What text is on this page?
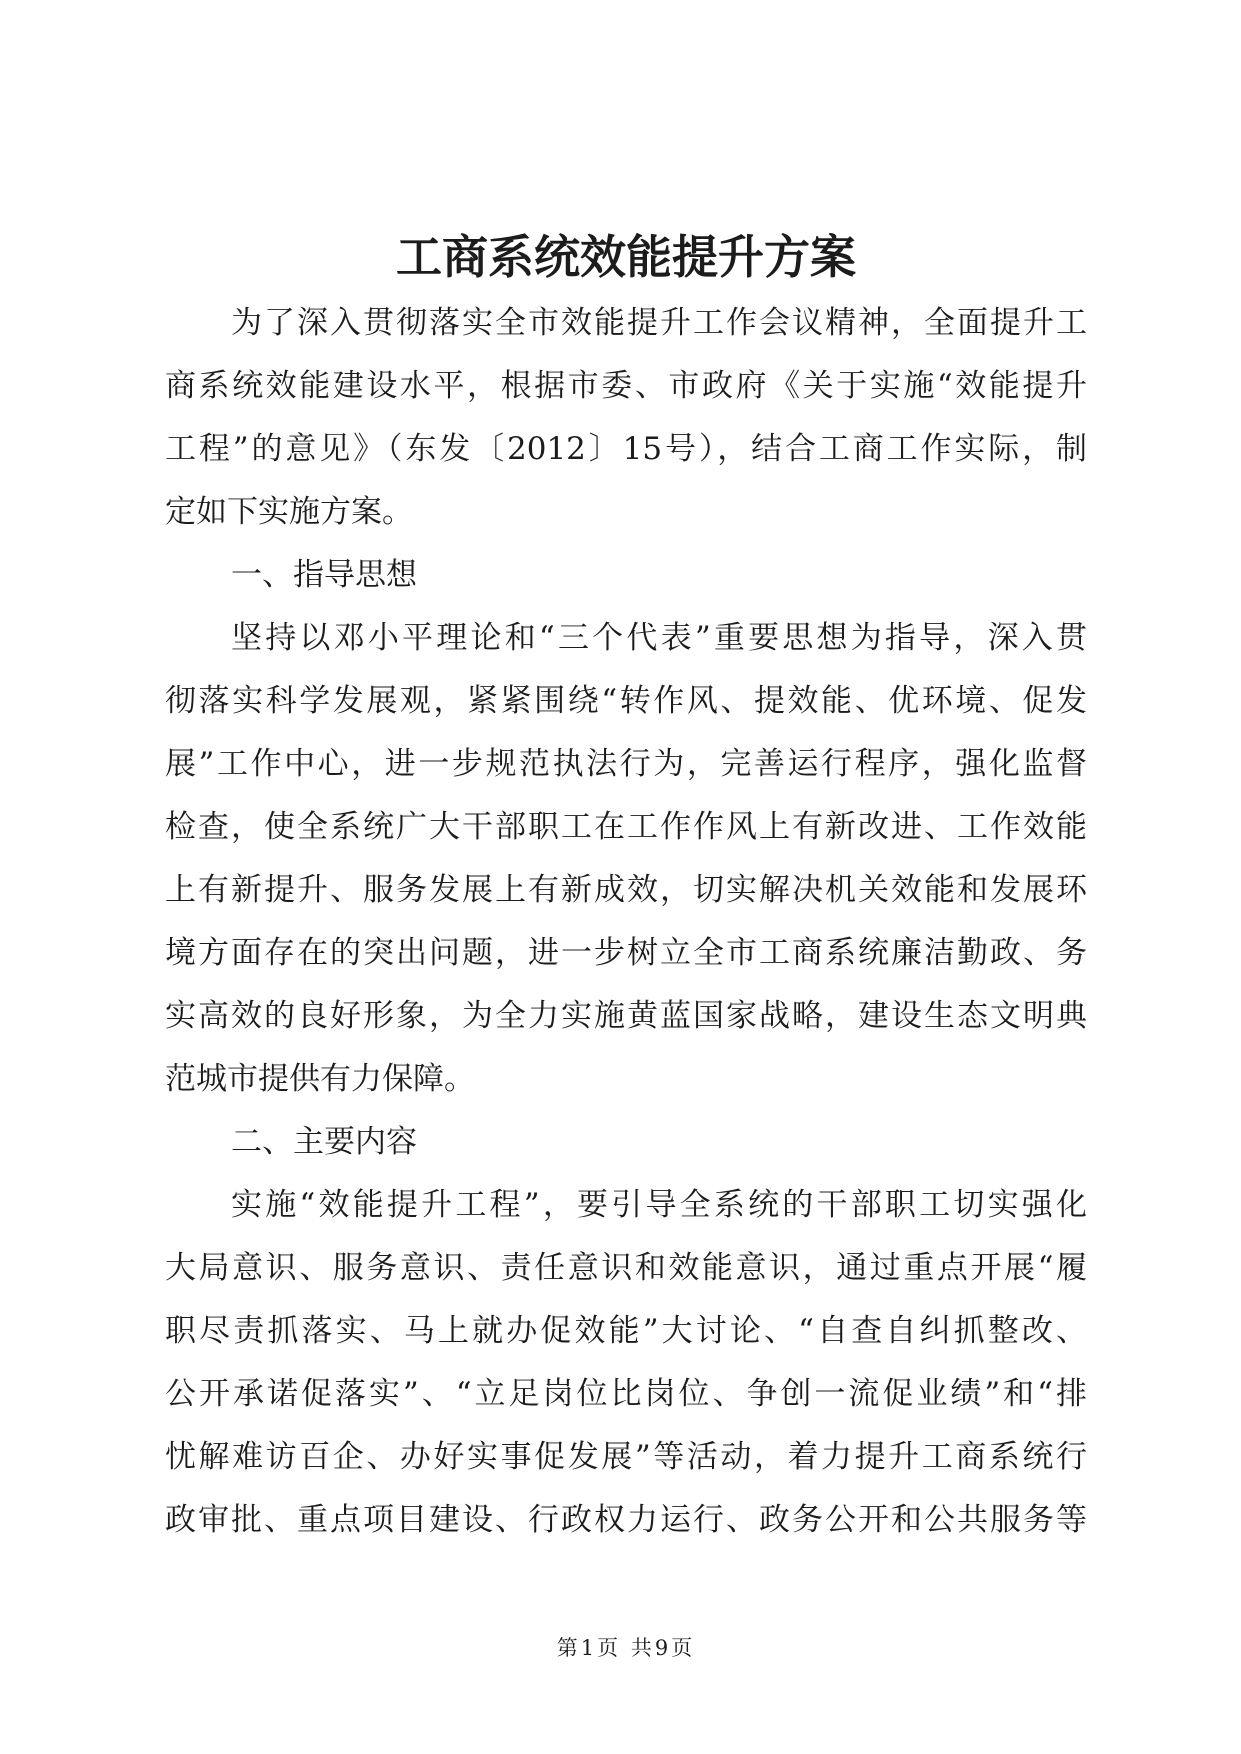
工商系统效能提升方案
为了深入贯彻落实全市效能提升工作会议精神，全面提升工
商系统效能建设水平，根据市委、市政府《关于实施“效能提升
工程”的意见》（东发〔2012〕15号），结合工商工作实际，制
定如下实施方案。
一、指导思想
坚持以邓小平理论和“三个代表”重要思想为指导，深入贯
彻落实科学发展观，紧紧围绕“转作风、提效能、优环境、促发
展”工作中心，进一步规范执法行为，完善运行程序，强化监督
检查，使全系统广大干部职工在工作作风上有新改进、工作效能
上有新提升、服务发展上有新成效，切实解决机关效能和发展环
境方面存在的突出问题，进一步树立全市工商系统廉洁勤政、务
实高效的良好形象，为全力实施黄蓝国家战略，建设生态文明典
范城市提供有力保障。
二、主要内容
实施“效能提升工程”，要引导全系统的干部职工切实强化
大局意识、服务意识、责任意识和效能意识，通过重点开展“履
职尽责抓落实、马上就办促效能”大讨论、“自查自纠抓整改、
公开承诺促落实”、“立足岗位比岗位、争创一流促业绩”和“排
忧解难访百企、办好实事促发展”等活动，着力提升工商系统行
政审批、重点项目建设、行政权力运行、政务公开和公共服务等
第1页 共9页
